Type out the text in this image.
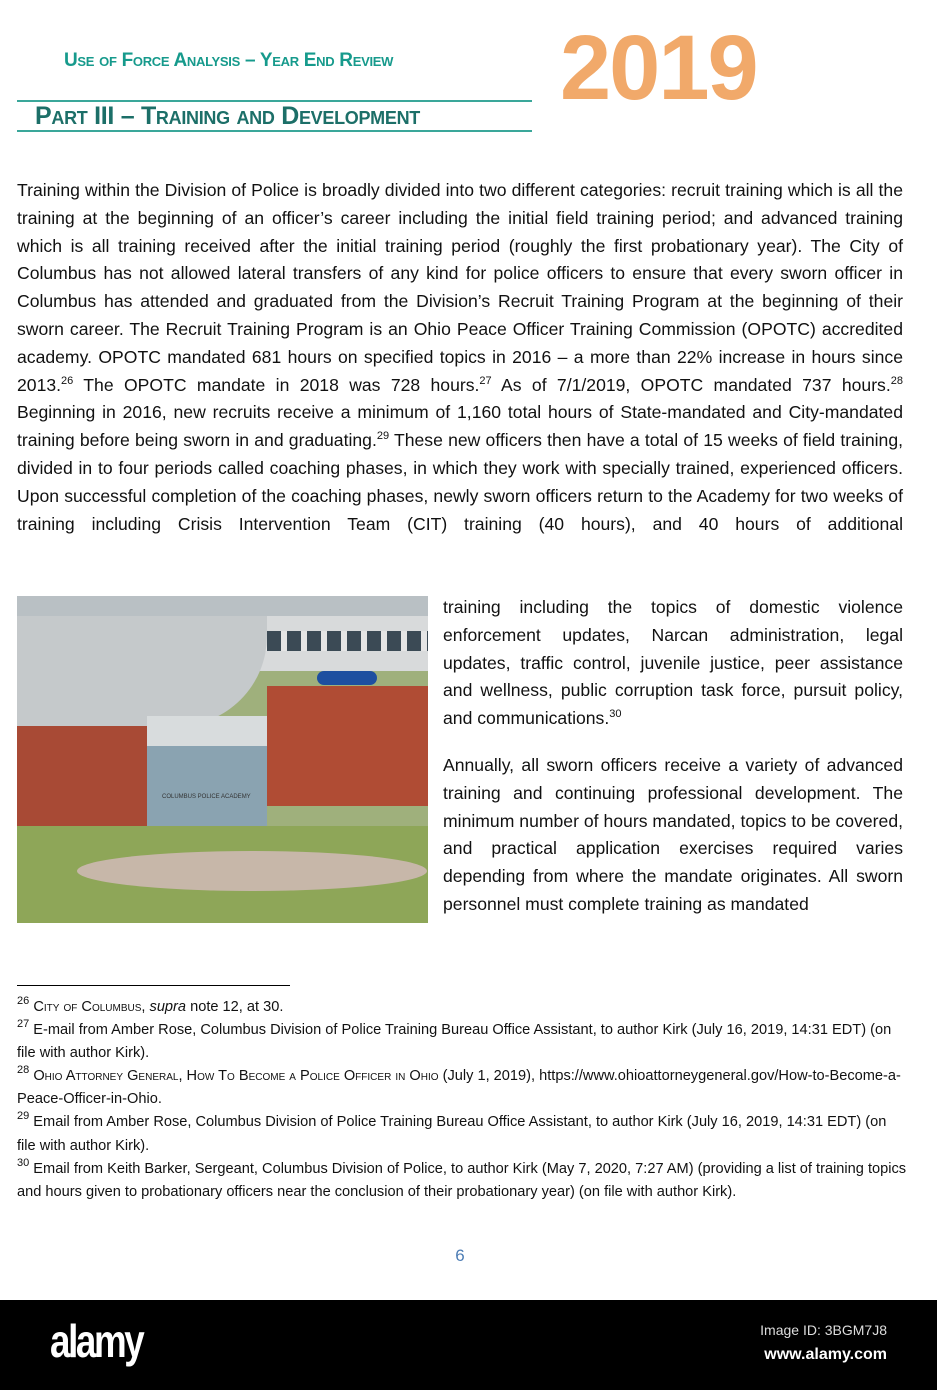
Use of Force Analysis – Year End Review
Part III – Training and Development 2019

Training within the Division of Police is broadly divided into two different categories: recruit training which is all the training at the beginning of an officer’s career including the initial field training period; and advanced training which is all training received after the initial training period (roughly the first probationary year). The City of Columbus has not allowed lateral transfers of any kind for police officers to ensure that every sworn officer in Columbus has attended and graduated from the Division’s Recruit Training Program at the beginning of their sworn career. The Recruit Training Program is an Ohio Peace Officer Training Commission (OPOTC) accredited academy. OPOTC mandated 681 hours on specified topics in 2016 – a more than 22% increase in hours since 2013.26 The OPOTC mandate in 2018 was 728 hours.$^{27}$ As of 7/1/2019, OPOTC mandated 737 hours.$^{28}$ Beginning in 2016, new recruits receive a minimum of 1,160 total hours of State-mandated and City-mandated training before being sworn in and graduating.$^{29}$ These new officers then have a total of 15 weeks of field training, divided in to four periods called coaching phases, in which they work with specially trained, experienced officers. Upon successful completion of the coaching phases, newly sworn officers return to the Academy for two weeks of training including Crisis Intervention Team (CIT) training (40 hours), and 40 hours of additional

COLUMBUS POLICE ACADEMY

training including the topics of domestic violence enforcement updates, Narcan administration, legal updates, traffic control, juvenile justice, peer assistance and wellness, public corruption task force, pursuit policy, and communications.$^{30}$

Annually, all sworn officers receive a variety of advanced training and continuing professional development. The minimum number of hours mandated, topics to be covered, and practical application exercises required varies depending from where the mandate originates. All sworn personnel must complete training as mandated

$^{26}$ City of Columbus, supra note 12, at 30.
$^{27}$ E-mail from Amber Rose, Columbus Division of Police Training Bureau Office Assistant, to author Kirk (July 16, 2019, 14:31 EDT) (on file with author Kirk).
$^{28}$ Ohio Attorney General, How To Become a Police Officer in Ohio (July 1, 2019), https://www.ohioattorneygeneral.gov/How-to-Become-a-Peace-Officer-in-Ohio.
$^{29}$ Email from Amber Rose, Columbus Division of Police Training Bureau Office Assistant, to author Kirk (July 16, 2019, 14:31 EDT) (on file with author Kirk).
$^{30}$ Email from Keith Barker, Sergeant, Columbus Division of Police, to author Kirk (May 7, 2020, 7:27 AM) (providing a list of training topics and hours given to probationary officers near the conclusion of their probationary year) (on file with author Kirk).
6
alamy	Image ID: 3BGM7J8
www.alamy.com
